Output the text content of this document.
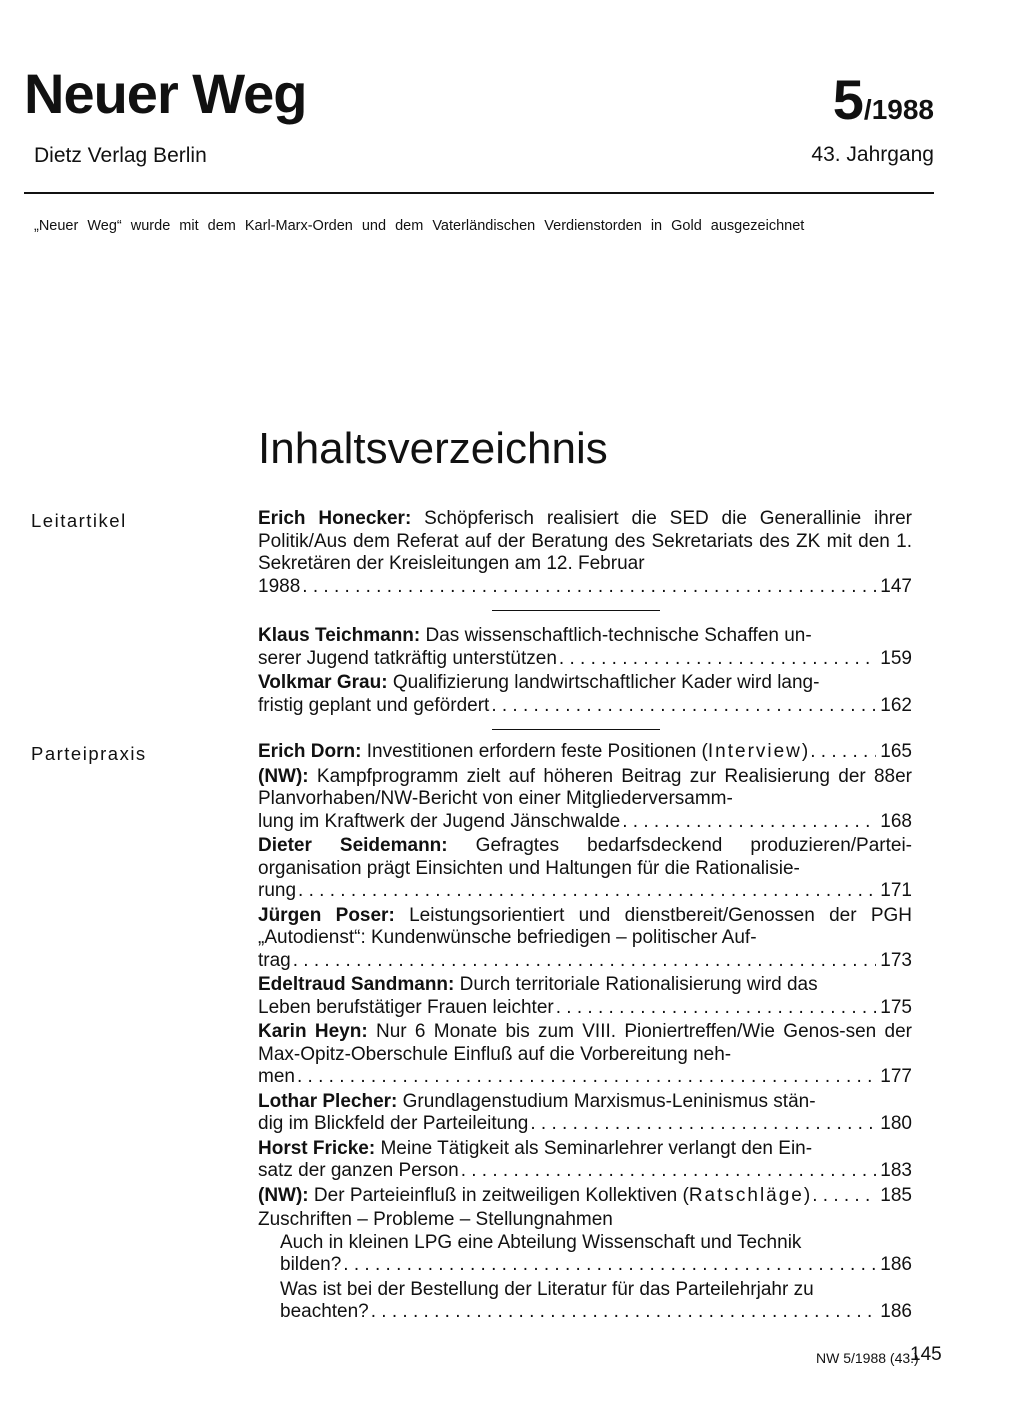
Neuer Weg
Dietz Verlag Berlin
5/1988
43. Jahrgang
„Neuer Weg“ wurde mit dem Karl-Marx-Orden und dem Vaterländischen Verdienstorden in Gold ausgezeichnet
Inhaltsverzeichnis
Leitartikel	Erich Honecker: Schöpferisch realisiert die SED die Generallinie ihrer Politik/Aus dem Referat auf der Beratung des Sekretariats des ZK mit den 1. Sekretären der Kreisleitungen am 12. Februar
1988 . . .	147
Klaus Teichmann: Das wissenschaftlich-technische Schaffen un-
serer Jugend tatkräftig unterstützen . . .	159
Volkmar Grau: Qualifizierung landwirtschaftlicher Kader wird lang-
fristig geplant und gefördert . . .	162
Parteipraxis	Erich Dorn: Investitionen erfordern feste Positionen (Interview) . . .	165
(NW): Kampfprogramm zielt auf höheren Beitrag zur Realisierung der 88er Planvorhaben/NW-Bericht von einer Mitgliederversamm-
lung im Kraftwerk der Jugend Jänschwalde . . .	168
Dieter Seidemann: Gefragtes bedarfsdeckend produzieren/Partei-organisation prägt Einsichten und Haltungen für die Rationalisie-
rung . . .	171
Jürgen Poser: Leistungsorientiert und dienstbereit/Genossen der PGH „Autodienst“: Kundenwünsche befriedigen – politischer Auf-
trag . . .	173
Edeltraud Sandmann: Durch territoriale Rationalisierung wird das
Leben berufstätiger Frauen leichter . . .	175
Karin Heyn: Nur 6 Monate bis zum VIII. Pioniertreffen/Wie Genos-sen der Max-Opitz-Oberschule Einfluß auf die Vorbereitung neh-
men . . .	177
Lothar Plecher: Grundlagenstudium Marxismus-Leninismus stän-
dig im Blickfeld der Parteileitung . . .	180
Horst Fricke: Meine Tätigkeit als Seminarlehrer verlangt den Ein-
satz der ganzen Person . . .	183
(NW): Der Parteieinfluß in zeitweiligen Kollektiven (Ratschläge) . . .	185
Zuschriften – Probleme – Stellungnahmen
Auch in kleinen LPG eine Abteilung Wissenschaft und Technik
bilden? . . .	186
Was ist bei der Bestellung der Literatur für das Parteilehrjahr zu
beachten? . . .	186
NW 5/1988 (43.)
145
